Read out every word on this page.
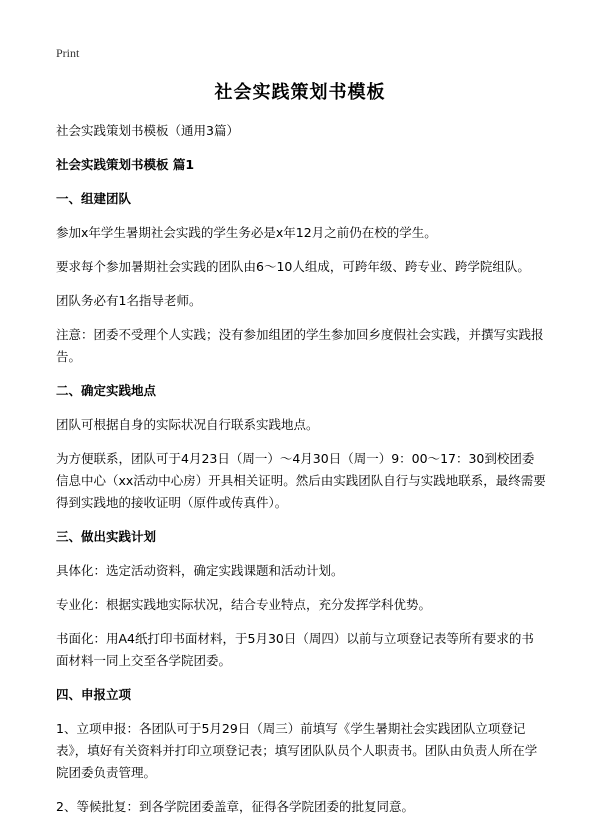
Print
社会实践策划书模板

社会实践策划书模板（通用3篇）

社会实践策划书模板 篇1

一、组建团队

参加x年学生暑期社会实践的学生务必是x年12月之前仍在校的学生。

要求每个参加暑期社会实践的团队由6～10人组成，可跨年级、跨专业、跨学院组队。

团队务必有1名指导老师。

注意：团委不受理个人实践；没有参加组团的学生参加回乡度假社会实践，并撰写实践报告。

二、确定实践地点

团队可根据自身的实际状况自行联系实践地点。

为方便联系，团队可于4月23日（周一）～4月30日（周一）9：00～17：30到校团委信息中心（xx活动中心房）开具相关证明。然后由实践团队自行与实践地联系，最终需要得到实践地的接收证明（原件或传真件）。

三、做出实践计划

具体化：选定活动资料，确定实践课题和活动计划。

专业化：根据实践地实际状况，结合专业特点，充分发挥学科优势。

书面化：用A4纸打印书面材料，于5月30日（周四）以前与立项登记表等所有要求的书面材料一同上交至各学院团委。

四、申报立项

1、立项申报：各团队可于5月29日（周三）前填写《学生暑期社会实践团队立项登记表》，填好有关资料并打印立项登记表；填写团队队员个人职责书。团队由负责人所在学院团委负责管理。

2、等候批复：到各学院团委盖章，征得各学院团委的批复同意。
